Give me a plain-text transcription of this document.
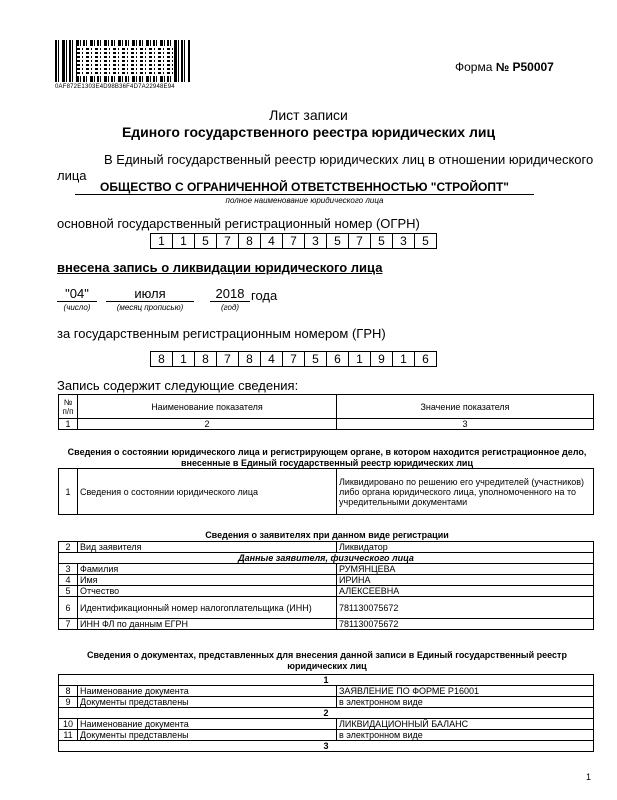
0AF872E1303E4D98B36F4D7A22948E94
Форма № Р50007
Лист записи
Единого государственного реестра юридических лиц
В Единый государственный реестр юридических лиц в отношении юридического
лица
ОБЩЕСТВО С ОГРАНИЧЕННОЙ ОТВЕТСТВЕННОСТЬЮ "СТРОЙОПТ"
полное наименование юридического лица
основной государственный регистрационный номер (ОГРН)
1	1	5	7	8	4	7	3	5	7	5	3	5
внесена запись о ликвидации юридического лица
"04"	июля	2018 года
(число)	(месяц прописью)	(год)
за государственным регистрационным номером (ГРН)
8	1	8	7	8	4	7	5	6	1	9	1	6
Запись содержит следующие сведения:
№ п/п	Наименование показателя	Значение показателя
1	2	3
Сведения о состоянии юридического лица и регистрирующем органе, в котором находится регистрационное дело, внесенные в Единый государственный реестр юридических лиц
1	Сведения о состоянии юридического лица	Ликвидировано по решению его учредителей (участников) либо органа юридического лица, уполномоченного на то учредительными документами
Сведения о заявителях при данном виде регистрации
2	Вид заявителя	Ликвидатор
Данные заявителя, физического лица		
3	Фамилия	РУМЯНЦЕВА
4	Имя	ИРИНА
5	Отчество	АЛЕКСЕЕВНА
6	Идентификационный номер налогоплательщика (ИНН)	781130075672
7	ИНН ФЛ по данным ЕГРН	781130075672
Сведения о документах, представленных для внесения данной записи в Единый государственный реестр юридических лиц
1		
8	Наименование документа	ЗАЯВЛЕНИЕ ПО ФОРМЕ Р16001
9	Документы представлены	в электронном виде
2		
10	Наименование документа	ЛИКВИДАЦИОННЫЙ БАЛАНС
11	Документы представлены	в электронном виде
3		
1
